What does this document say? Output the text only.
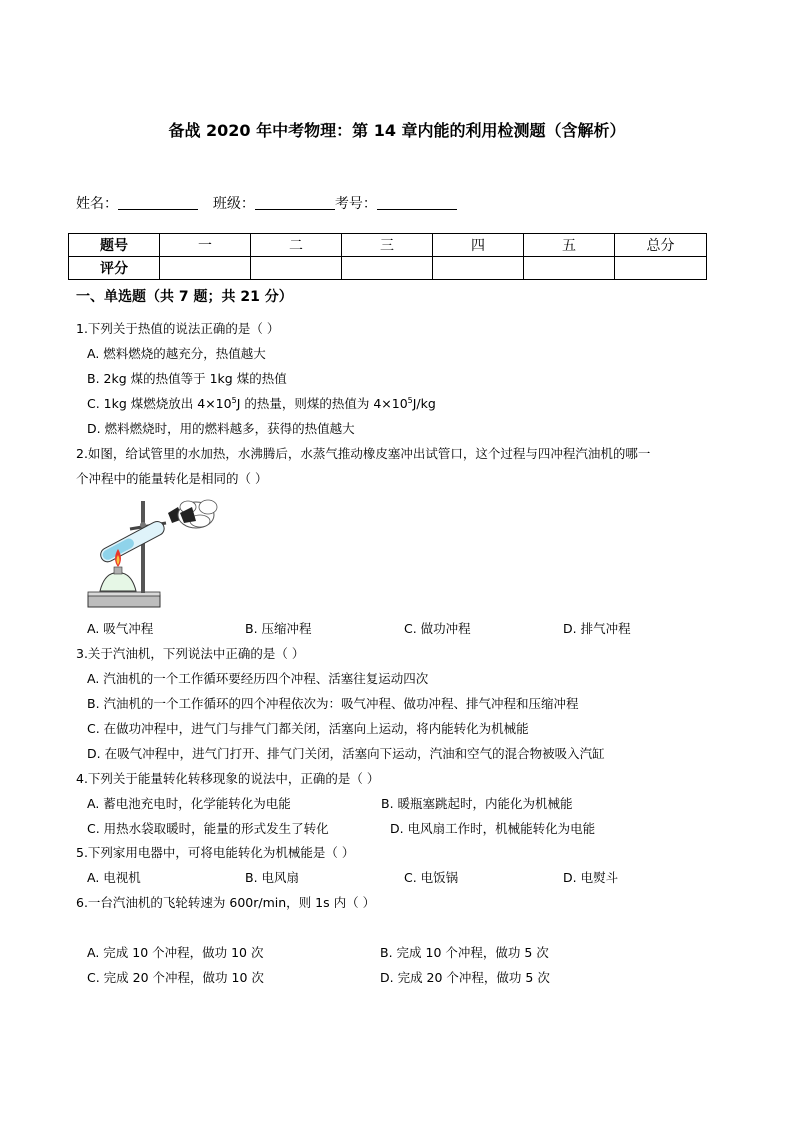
备战 2020 年中考物理：第 14 章内能的利用检测题（含解析）
姓名：	班级：	考号：
题号	一	二	三	四	五	总分
评分						
一、单选题（共 7 题；共 21 分）
1.下列关于热值的说法正确的是（ ）
A. 燃料燃烧的越充分，热值越大
B. 2kg 煤的热值等于 1kg 煤的热值
C. 1kg 煤燃烧放出 $4\times 10^5J$ 的热量，则煤的热值为 $4\times 10^5J/kg$
D. 燃料燃烧时，用的燃料越多，获得的热值越大
2.如图，给试管里的水加热，水沸腾后，水蒸气推动橡皮塞冲出试管口，这个过程与四冲程汽油机的哪一
个冲程中的能量转化是相同的（ ）
A. 吸气冲程	B. 压缩冲程	C. 做功冲程	D. 排气冲程
3.关于汽油机，下列说法中正确的是（ ）
A. 汽油机的一个工作循环要经历四个冲程、活塞往复运动四次
B. 汽油机的一个工作循环的四个冲程依次为：吸气冲程、做功冲程、排气冲程和压缩冲程
C. 在做功冲程中，进气门与排气门都关闭，活塞向上运动，将内能转化为机械能
D. 在吸气冲程中，进气门打开、排气门关闭，活塞向下运动，汽油和空气的混合物被吸入汽缸
4.下列关于能量转化转移现象的说法中，正确的是（ ）
A. 蓄电池充电时，化学能转化为电能	B. 暖瓶塞跳起时，内能化为机械能
C. 用热水袋取暖时，能量的形式发生了转化	D. 电风扇工作时，机械能转化为电能
5.下列家用电器中，可将电能转化为机械能是（ ）
A. 电视机	B. 电风扇	C. 电饭锅	D. 电熨斗
6.一台汽油机的飞轮转速为 600r/min，则 1s 内（ ）
A. 完成 10 个冲程，做功 10 次	B. 完成 10 个冲程，做功 5 次
C. 完成 20 个冲程，做功 10 次	D. 完成 20 个冲程，做功 5 次
